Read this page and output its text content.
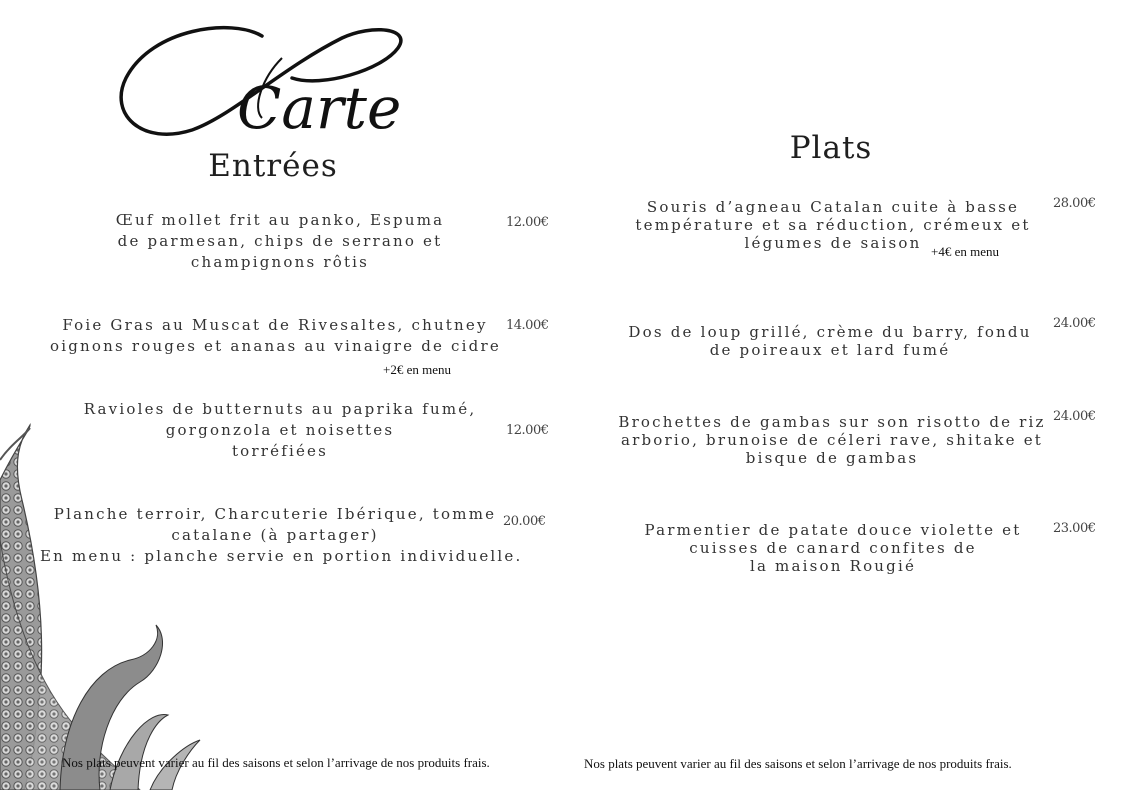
Carte
Entrées	Plats
Œuf mollet frit au panko, Espuma
de parmesan, chips de serrano et
champignons rôtis
12.00€
Foie Gras au Muscat de Rivesaltes, chutney
oignons rouges et ananas au vinaigre de cidre
14.00€
+2€ en menu
Ravioles de butternuts au paprika fumé,
gorgonzola et noisettes
torréfiées
12.00€
Planche terroir, Charcuterie Ibérique, tomme
catalane (à partager)
En menu : planche servie en portion individuelle.
20.00€
Nos plats peuvent varier au fil des saisons et selon l’arrivage de nos produits frais.
Souris d’agneau Catalan cuite à basse
température et sa réduction, crémeux et
légumes de saison
28.00€
+4€ en menu
Dos de loup grillé, crème du barry, fondu
de poireaux et lard fumé
24.00€
Brochettes de gambas sur son risotto de riz
arborio, brunoise de céleri rave, shitake et
bisque de gambas
24.00€
Parmentier de patate douce violette et
cuisses de canard confites de
la maison Rougié
23.00€
Nos plats peuvent varier au fil des saisons et selon l’arrivage de nos produits frais.
